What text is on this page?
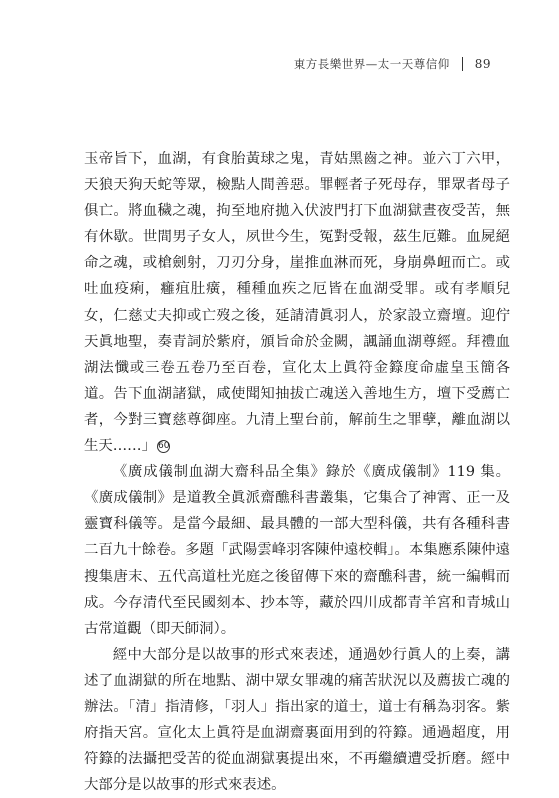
東方長樂世界—太一天尊信仰 89

玉帝旨下，血湖，有食胎黃球之鬼，青姑黑齒之神。並六丁六甲，天狼天狗天蛇等眾，檢點人間善惡。罪輕者子死母存，罪眾者母子俱亡。將血穢之魂，拘至地府拋入伏波門打下血湖獄晝夜受苦，無有休歇。世間男子女人，夙世今生，冤對受報，茲生厄難。血屍絕命之魂，或槍劍射，刀刃分身，崖推血淋而死，身崩鼻衄而亡。或吐血疫痢，癰疽肚癀，種種血疾之厄皆在血湖受罪。或有孝順兒女，仁慈丈夫抑或亡歿之後，延請清眞羽人，於家設立齋壇。迎佇天眞地聖，奏青詞於紫府，頒旨命於金闕，諷誦血湖尊經。拜禮血湖法懺或三卷五卷乃至百卷，宣化太上眞符金籙度命虛皇玉簡各道。告下血湖諸獄，咸使聞知抽拔亡魂送入善地生方，壇下受薦亡者，今對三寶慈尊御座。九清上聖台前，解前生之罪孽，離血湖以生天……」 60

《廣成儀制血湖大齋科品全集》錄於《廣成儀制》119 集。《廣成儀制》是道教全眞派齋醮科書叢集，它集合了神霄、正一及靈寶科儀等。是當今最細、最具體的一部大型科儀，共有各種科書二百九十餘卷。多題「武陽雲峰羽客陳仲遠校輯」。本集應系陳仲遠搜集唐末、五代高道杜光庭之後留傳下來的齋醮科書，統一編輯而成。今存清代至民國刻本、抄本等，藏於四川成都青羊宮和青城山古常道觀（即天師洞）。

經中大部分是以故事的形式來表述，通過妙行眞人的上奏，講述了血湖獄的所在地點、湖中眾女罪魂的痛苦狀況以及薦拔亡魂的辦法。「清」指清修，「羽人」指出家的道士，道士有稱為羽客。紫府指天宮。宣化太上眞符是血湖齋裏面用到的符籙。通過超度，用符籙的法攝把受苦的從血湖獄裏提出來，不再繼續遭受折磨。經中大部分是以故事的形式來表述。
